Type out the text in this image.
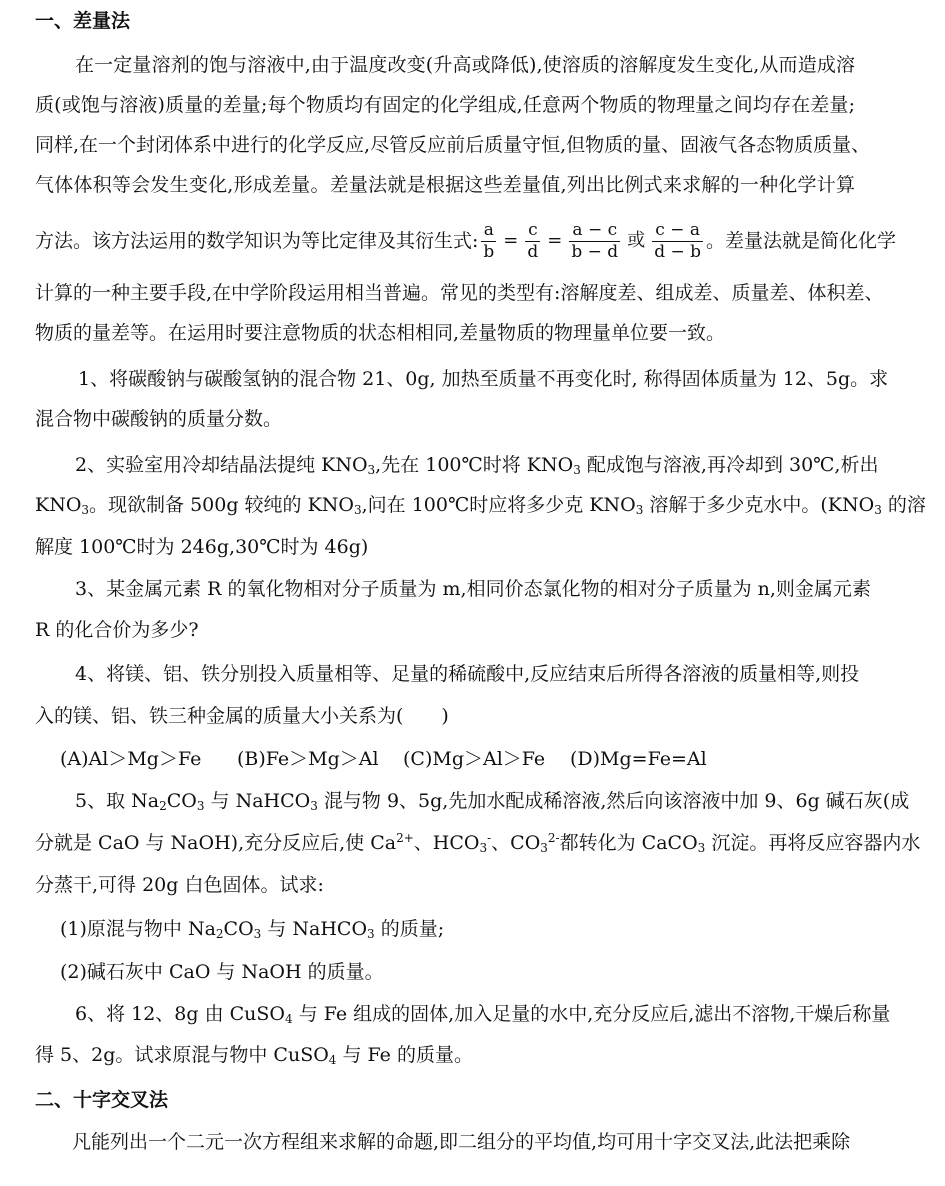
一、差量法
在一定量溶剂的饱与溶液中,由于温度改变(升高或降低),使溶质的溶解度发生变化,从而造成溶
质(或饱与溶液)质量的差量;每个物质均有固定的化学组成,任意两个物质的物理量之间均存在差量;
同样,在一个封闭体系中进行的化学反应,尽管反应前后质量守恒,但物质的量、固液气各态物质质量、
气体体积等会发生变化,形成差量。差量法就是根据这些差量值,列出比例式来求解的一种化学计算
方法。该方法运用的数学知识为等比定律及其衍生式: $\frac{a}{b} = \frac{c}{d} = \frac{a - c}{b - d}$ 或 $\frac{c - a}{d - b}$ 。差量法就是简化化学
计算的一种主要手段,在中学阶段运用相当普遍。常见的类型有:溶解度差、组成差、质量差、体积差、
物质的量差等。在运用时要注意物质的状态相相同,差量物质的物理量单位要一致。
1、将碳酸钠与碳酸氢钠的混合物 21、0g, 加热至质量不再变化时, 称得固体质量为 12、5g。求
混合物中碳酸钠的质量分数。
2、实验室用冷却结晶法提纯 $KNO_3$,先在 100℃时将 $KNO_3$ 配成饱与溶液,再冷却到 30℃,析出
$KNO_3$。现欲制备 500g 较纯的 $KNO_3$,问在 100℃时应将多少克 $KNO_3$ 溶解于多少克水中。($KNO_3$ 的溶
解度 100℃时为 246g,30℃时为 46g)
3、某金属元素 R 的氧化物相对分子质量为 m,相同价态氯化物的相对分子质量为 n,则金属元素
R 的化合价为多少?
4、将镁、铝、铁分别投入质量相等、足量的稀硫酸中,反应结束后所得各溶液的质量相等,则投
入的镁、铝、铁三种金属的质量大小关系为(　　)
(A)Al＞Mg＞Fe (B)Fe＞Mg＞Al (C)Mg＞Al＞Fe (D)Mg=Fe=Al
5、取 $Na_2CO_3$ 与 NaHCO$_3$ 混与物 9、5g,先加水配成稀溶液,然后向该溶液中加 9、6g 碱石灰(成
分就是 CaO 与 NaOH),充分反应后,使 $Ca^{2+}$、$HCO_3^-$、$CO_3^{2-}$都转化为 CaCO$_3$ 沉淀。再将反应容器内水
分蒸干,可得 20g 白色固体。试求:
(1)原混与物中 $Na_2CO_3$ 与 NaHCO$_3$ 的质量;
(2)碱石灰中 CaO 与 NaOH 的质量。
6、将 12、8g 由 CuSO$_4$ 与 Fe 组成的固体,加入足量的水中,充分反应后,滤出不溶物,干燥后称量
得 5、2g。试求原混与物中 CuSO$_4$ 与 Fe 的质量。
二、十字交叉法
凡能列出一个二元一次方程组来求解的命题,即二组分的平均值,均可用十字交叉法,此法把乘除
